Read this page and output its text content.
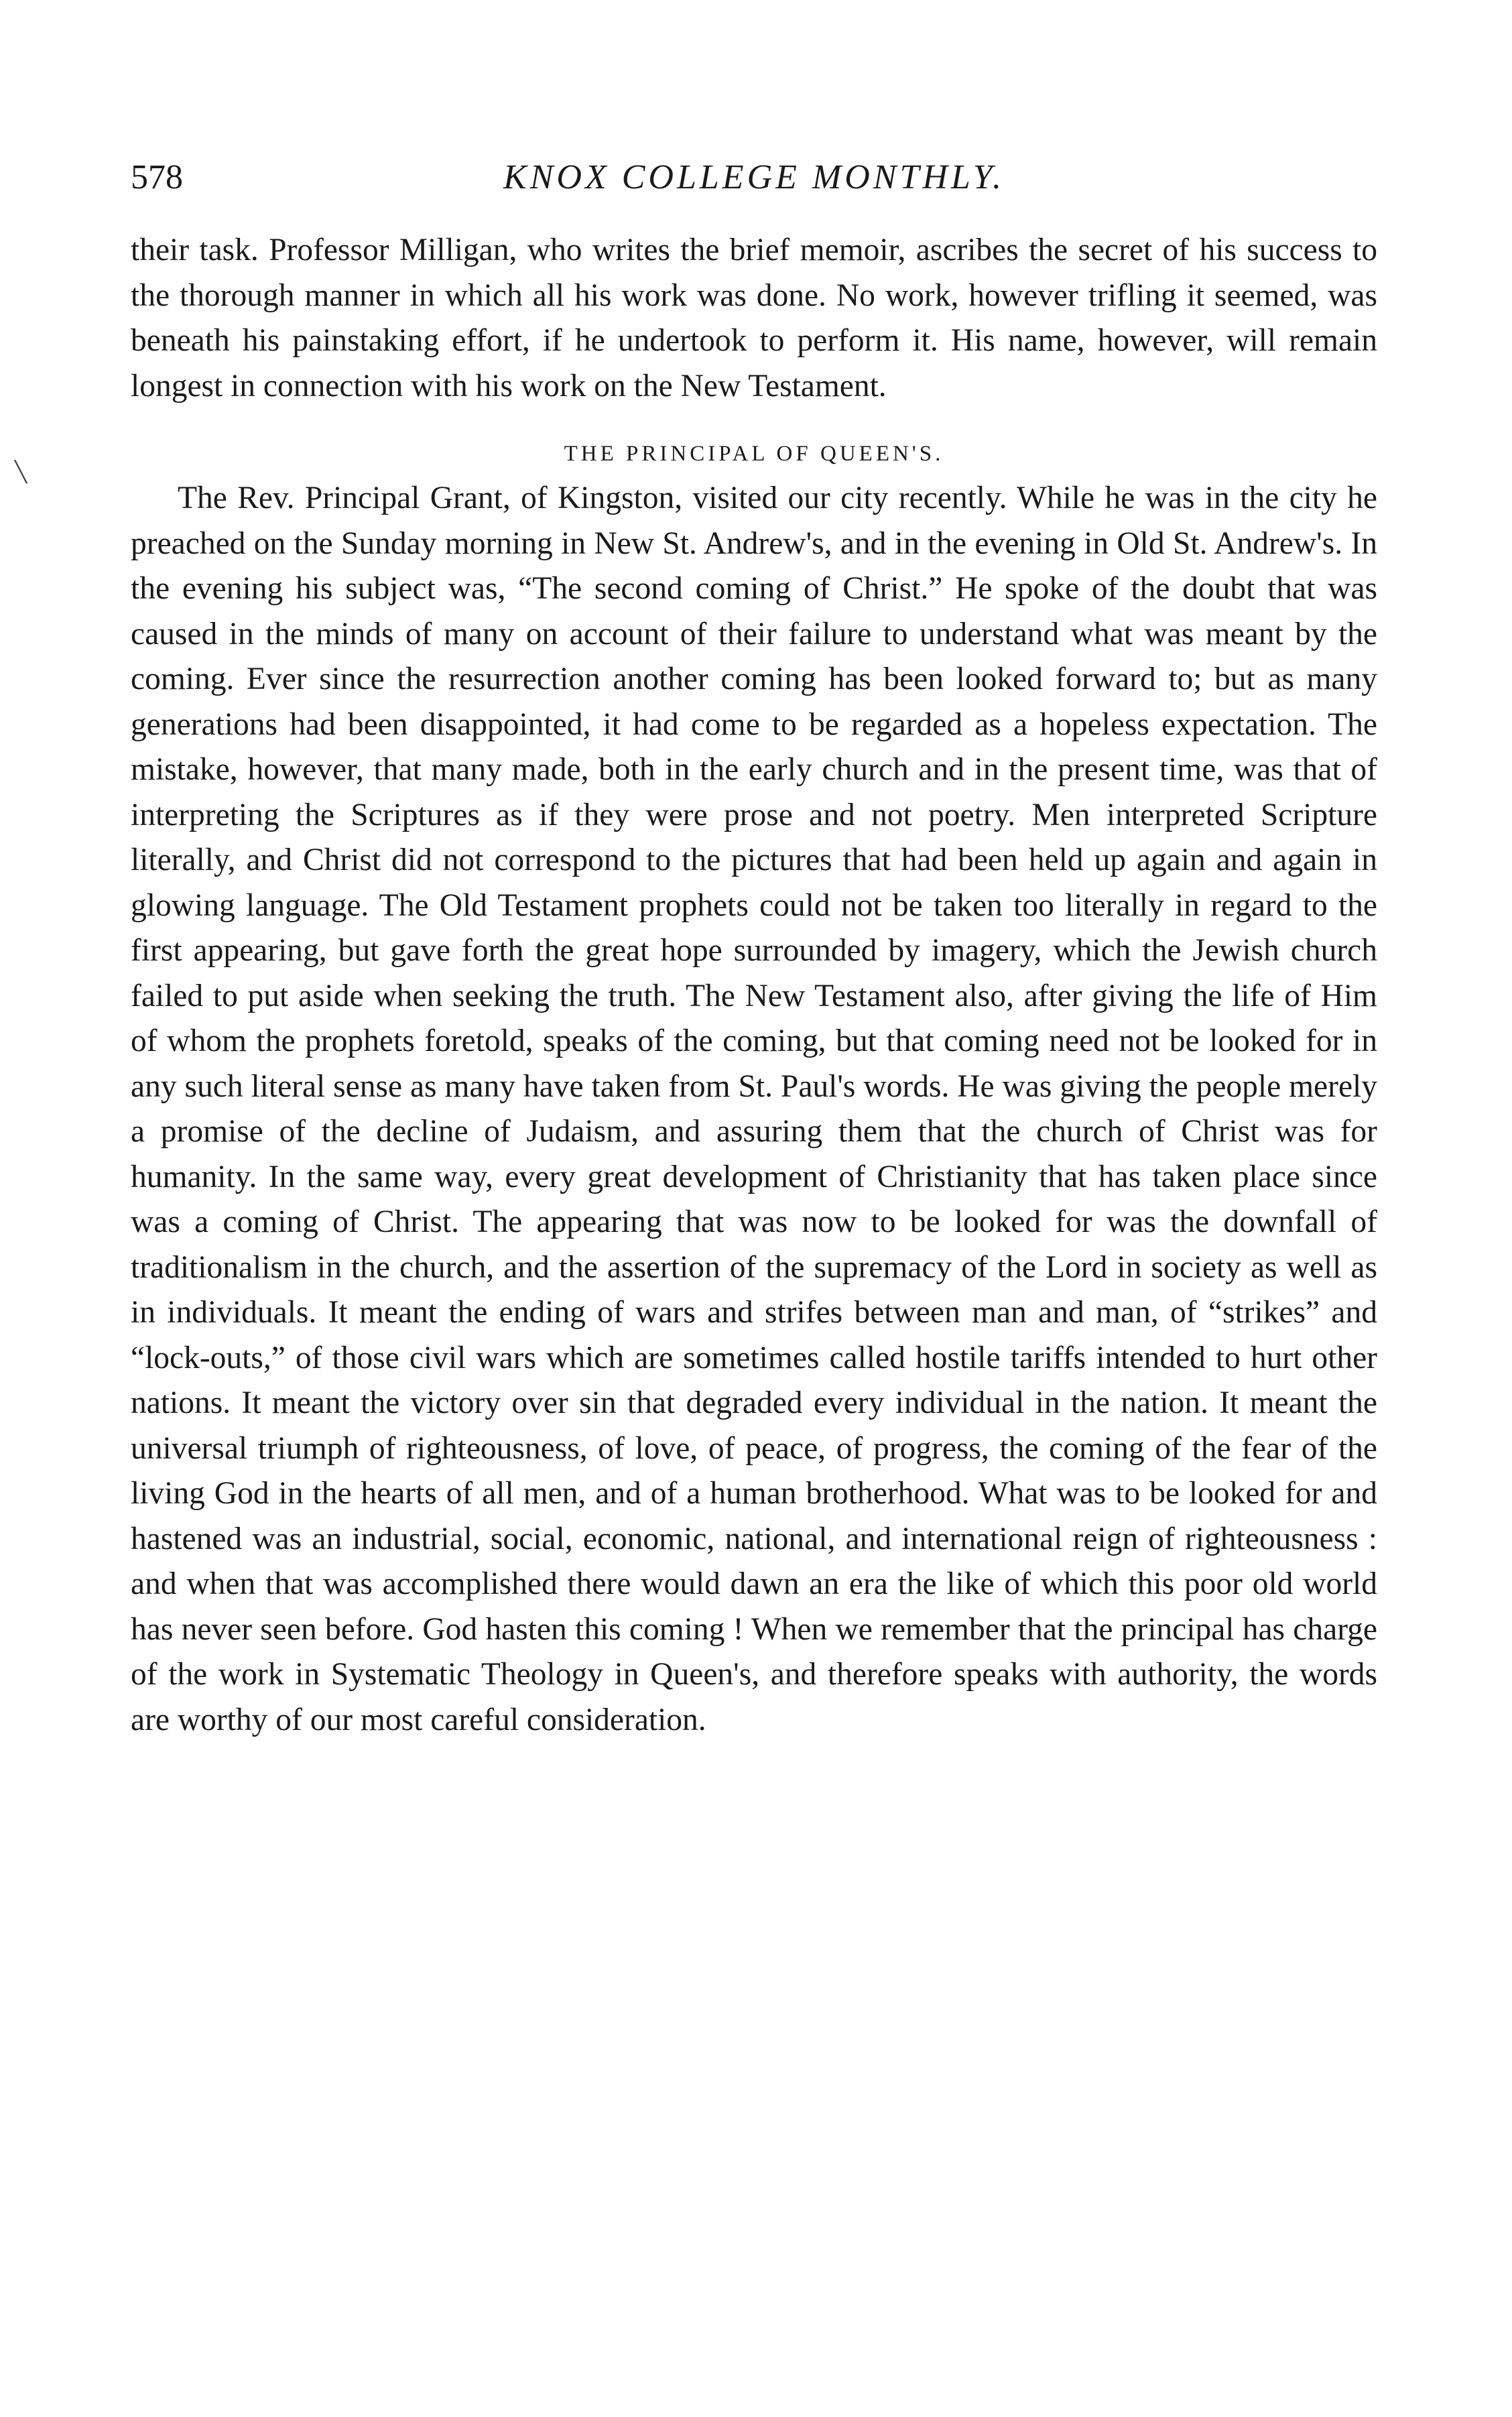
578	KNOX COLLEGE MONTHLY.

their task. Professor Milligan, who writes the brief memoir, ascribes the secret of his success to the thorough manner in which all his work was done. No work, however trifling it seemed, was beneath his painstaking effort, if he undertook to perform it. His name, however, will remain longest in connection with his work on the New Testament.

THE PRINCIPAL OF QUEEN'S.

The Rev. Principal Grant, of Kingston, visited our city recently. While he was in the city he preached on the Sunday morning in New St. Andrew's, and in the evening in Old St. Andrew's. In the evening his subject was, “The second coming of Christ.” He spoke of the doubt that was caused in the minds of many on account of their failure to understand what was meant by the coming. Ever since the resurrection another coming has been looked forward to; but as many generations had been disappointed, it had come to be regarded as a hopeless expectation. The mistake, however, that many made, both in the early church and in the present time, was that of interpreting the Scriptures as if they were prose and not poetry. Men interpreted Scripture literally, and Christ did not correspond to the pictures that had been held up again and again in glowing language. The Old Testament prophets could not be taken too literally in regard to the first appearing, but gave forth the great hope surrounded by imagery, which the Jewish church failed to put aside when seeking the truth. The New Testament also, after giving the life of Him of whom the prophets foretold, speaks of the coming, but that coming need not be looked for in any such literal sense as many have taken from St. Paul's words. He was giving the people merely a promise of the decline of Judaism, and assuring them that the church of Christ was for humanity. In the same way, every great development of Christianity that has taken place since was a coming of Christ. The appearing that was now to be looked for was the downfall of traditionalism in the church, and the assertion of the supremacy of the Lord in society as well as in individuals. It meant the ending of wars and strifes between man and man, of “strikes” and “lock-outs,” of those civil wars which are sometimes called hostile tariffs intended to hurt other nations. It meant the victory over sin that degraded every individual in the nation. It meant the universal triumph of righteousness, of love, of peace, of progress, the coming of the fear of the living God in the hearts of all men, and of a human brotherhood. What was to be looked for and hastened was an industrial, social, economic, national, and international reign of righteousness : and when that was accomplished there would dawn an era the like of which this poor old world has never seen before. God hasten this coming ! When we remember that the principal has charge of the work in Systematic Theology in Queen's, and therefore speaks with authority, the words are worthy of our most careful consideration.

╲
